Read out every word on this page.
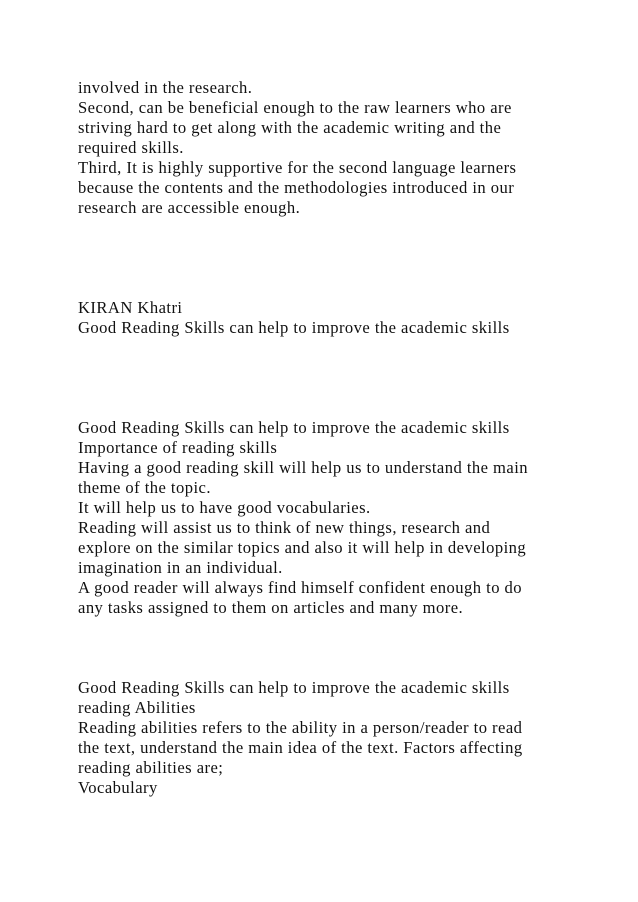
involved in the research.

Second, can be beneficial enough to the raw learners who are

striving hard to get along with the academic writing and the

required skills.

Third, It is highly supportive for the second language learners

because the contents and the methodologies introduced in our

research are accessible enough.

KIRAN Khatri

Good Reading Skills can help to improve the academic skills

Good Reading Skills can help to improve the academic skills

Importance of reading skills

Having a good reading skill will help us to understand the main

theme of the topic.

It will help us to have good vocabularies.

Reading will assist us to think of new things, research and

explore on the similar topics and also it will help in developing

imagination in an individual.

A good reader will always find himself confident enough to do

any tasks assigned to them on articles and many more.

Good Reading Skills can help to improve the academic skills

reading Abilities

Reading abilities refers to the ability in a person/reader to read

the text, understand the main idea of the text. Factors affecting

reading abilities are;

Vocabulary
